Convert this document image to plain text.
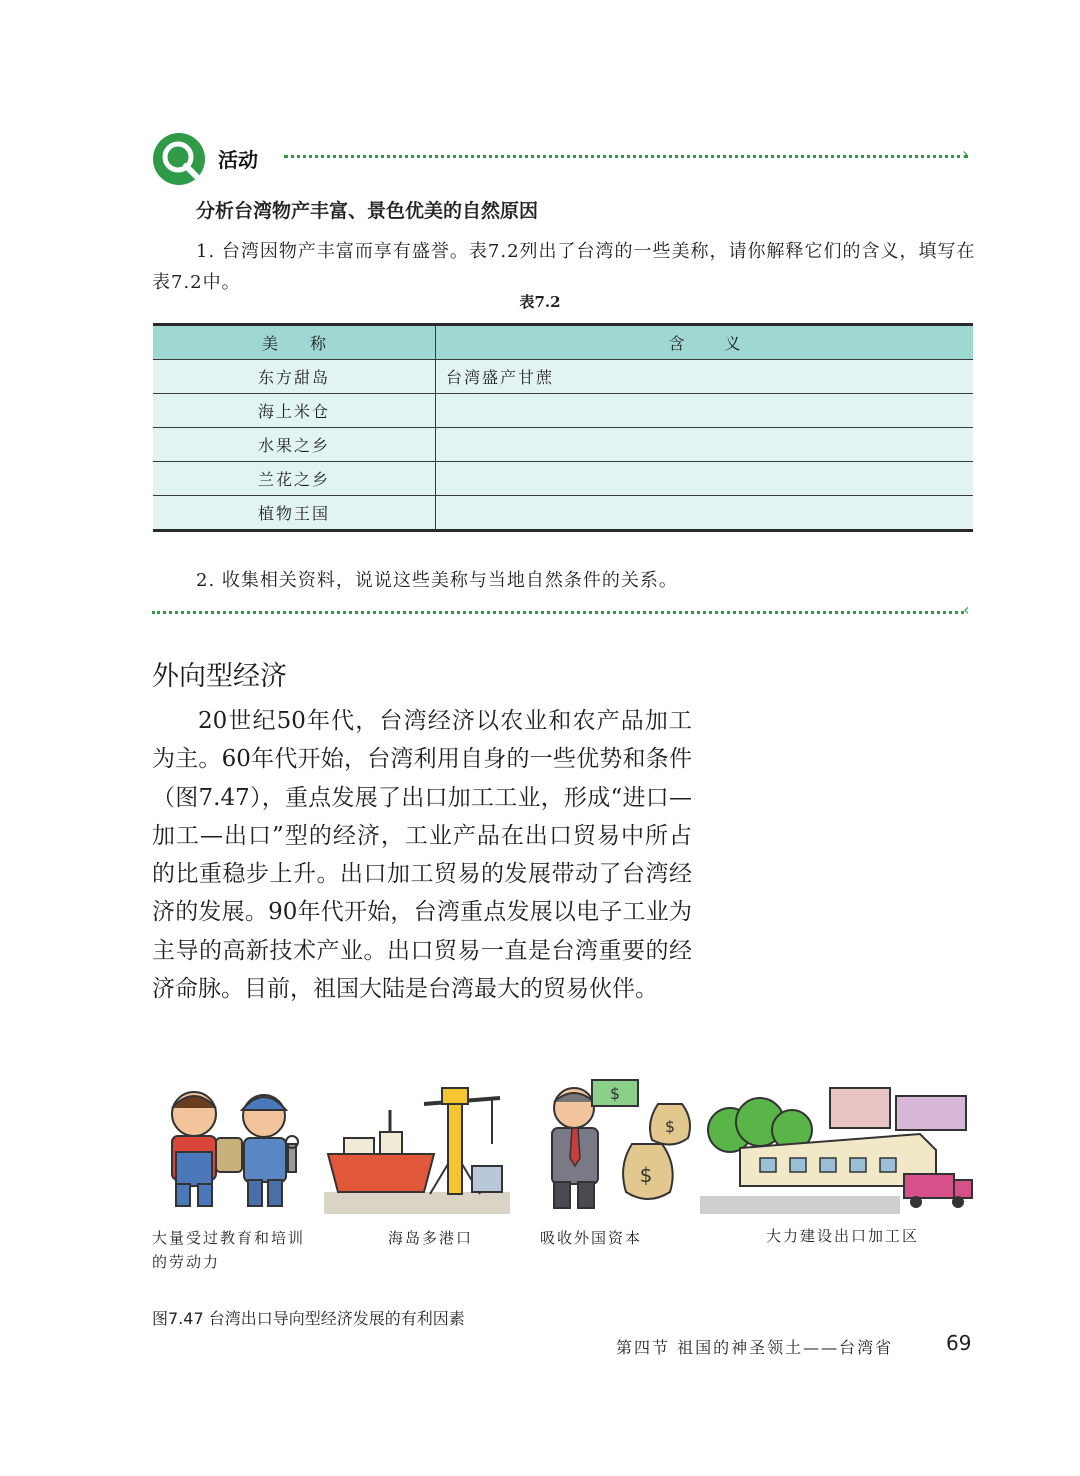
活动	›
分析台湾物产丰富、景色优美的自然原因
1. 台湾因物产丰富而享有盛誉。表7.2列出了台湾的一些美称，请你解释它们的含义，填写在表7.2中。
表7.2
美称	含义
东方甜岛	台湾盛产甘蔗
海上米仓	
水果之乡	
兰花之乡	
植物王国	
2. 收集相关资料，说说这些美称与当地自然条件的关系。
‹
外向型经济
20世纪50年代，台湾经济以农业和农产品加工为主。60年代开始，台湾利用自身的一些优势和条件（图7.47），重点发展了出口加工工业，形成“进口—加工—出口”型的经济，工业产品在出口贸易中所占的比重稳步上升。出口加工贸易的发展带动了台湾经济的发展。90年代开始，台湾重点发展以电子工业为主导的高新技术产业。出口贸易一直是台湾重要的经济命脉。目前，祖国大陆是台湾最大的贸易伙伴。
$
$
$
大量受过教育和培训的劳动力
海岛多港口	吸收外国资本	大力建设出口加工区
图7.47 台湾出口导向型经济发展的有利因素
第四节 祖国的神圣领土——台湾省	69
